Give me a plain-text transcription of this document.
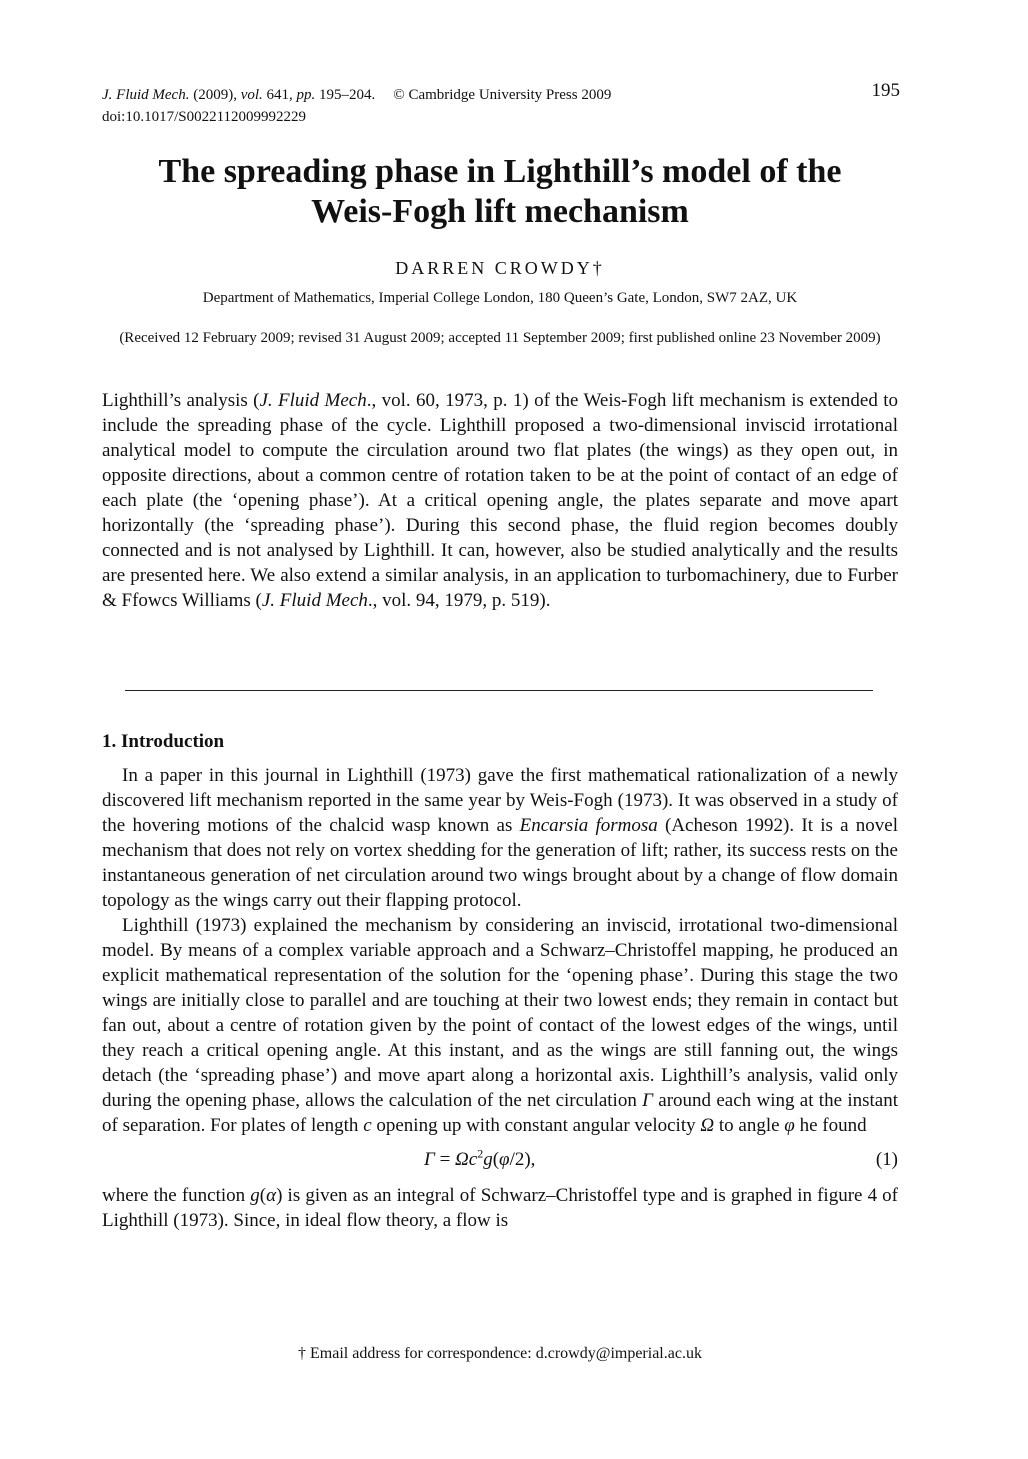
J. Fluid Mech. (2009), vol. 641, pp. 195–204. © Cambridge University Press 2009
doi:10.1017/S0022112009992229
195
The spreading phase in Lighthill’s model of the
Weis-Fogh lift mechanism
DARREN CROWDY†
Department of Mathematics, Imperial College London, 180 Queen’s Gate, London, SW7 2AZ, UK
(Received 12 February 2009; revised 31 August 2009; accepted 11 September 2009; first published online 23 November 2009)
Lighthill’s analysis (J. Fluid Mech., vol. 60, 1973, p. 1) of the Weis-Fogh lift mechanism is extended to include the spreading phase of the cycle. Lighthill proposed a two-dimensional inviscid irrotational analytical model to compute the circulation around two flat plates (the wings) as they open out, in opposite directions, about a common centre of rotation taken to be at the point of contact of an edge of each plate (the ‘opening phase’). At a critical opening angle, the plates separate and move apart horizontally (the ‘spreading phase’). During this second phase, the fluid region becomes doubly connected and is not analysed by Lighthill. It can, however, also be studied analytically and the results are presented here. We also extend a similar analysis, in an application to turbomachinery, due to Furber & Ffowcs Williams (J. Fluid Mech., vol. 94, 1979, p. 519).
1. Introduction

In a paper in this journal in Lighthill (1973) gave the first mathematical rationalization of a newly discovered lift mechanism reported in the same year by Weis-Fogh (1973). It was observed in a study of the hovering motions of the chalcid wasp known as Encarsia formosa (Acheson 1992). It is a novel mechanism that does not rely on vortex shedding for the generation of lift; rather, its success rests on the instantaneous generation of net circulation around two wings brought about by a change of flow domain topology as the wings carry out their flapping protocol.

Lighthill (1973) explained the mechanism by considering an inviscid, irrotational two-dimensional model. By means of a complex variable approach and a Schwarz–Christoffel mapping, he produced an explicit mathematical representation of the solution for the ‘opening phase’. During this stage the two wings are initially close to parallel and are touching at their two lowest ends; they remain in contact but fan out, about a centre of rotation given by the point of contact of the lowest edges of the wings, until they reach a critical opening angle. At this instant, and as the wings are still fanning out, the wings detach (the ‘spreading phase’) and move apart along a horizontal axis. Lighthill’s analysis, valid only during the opening phase, allows the calculation of the net circulation Γ around each wing at the instant of separation. For plates of length c opening up with constant angular velocity Ω to angle φ he found

$\Gamma = \Omega c^2g(\varphi/2)$,	(1)

where the function g(α) is given as an integral of Schwarz–Christoffel type and is graphed in figure 4 of Lighthill (1973). Since, in ideal flow theory, a flow is

† Email address for correspondence: d.crowdy@imperial.ac.uk
